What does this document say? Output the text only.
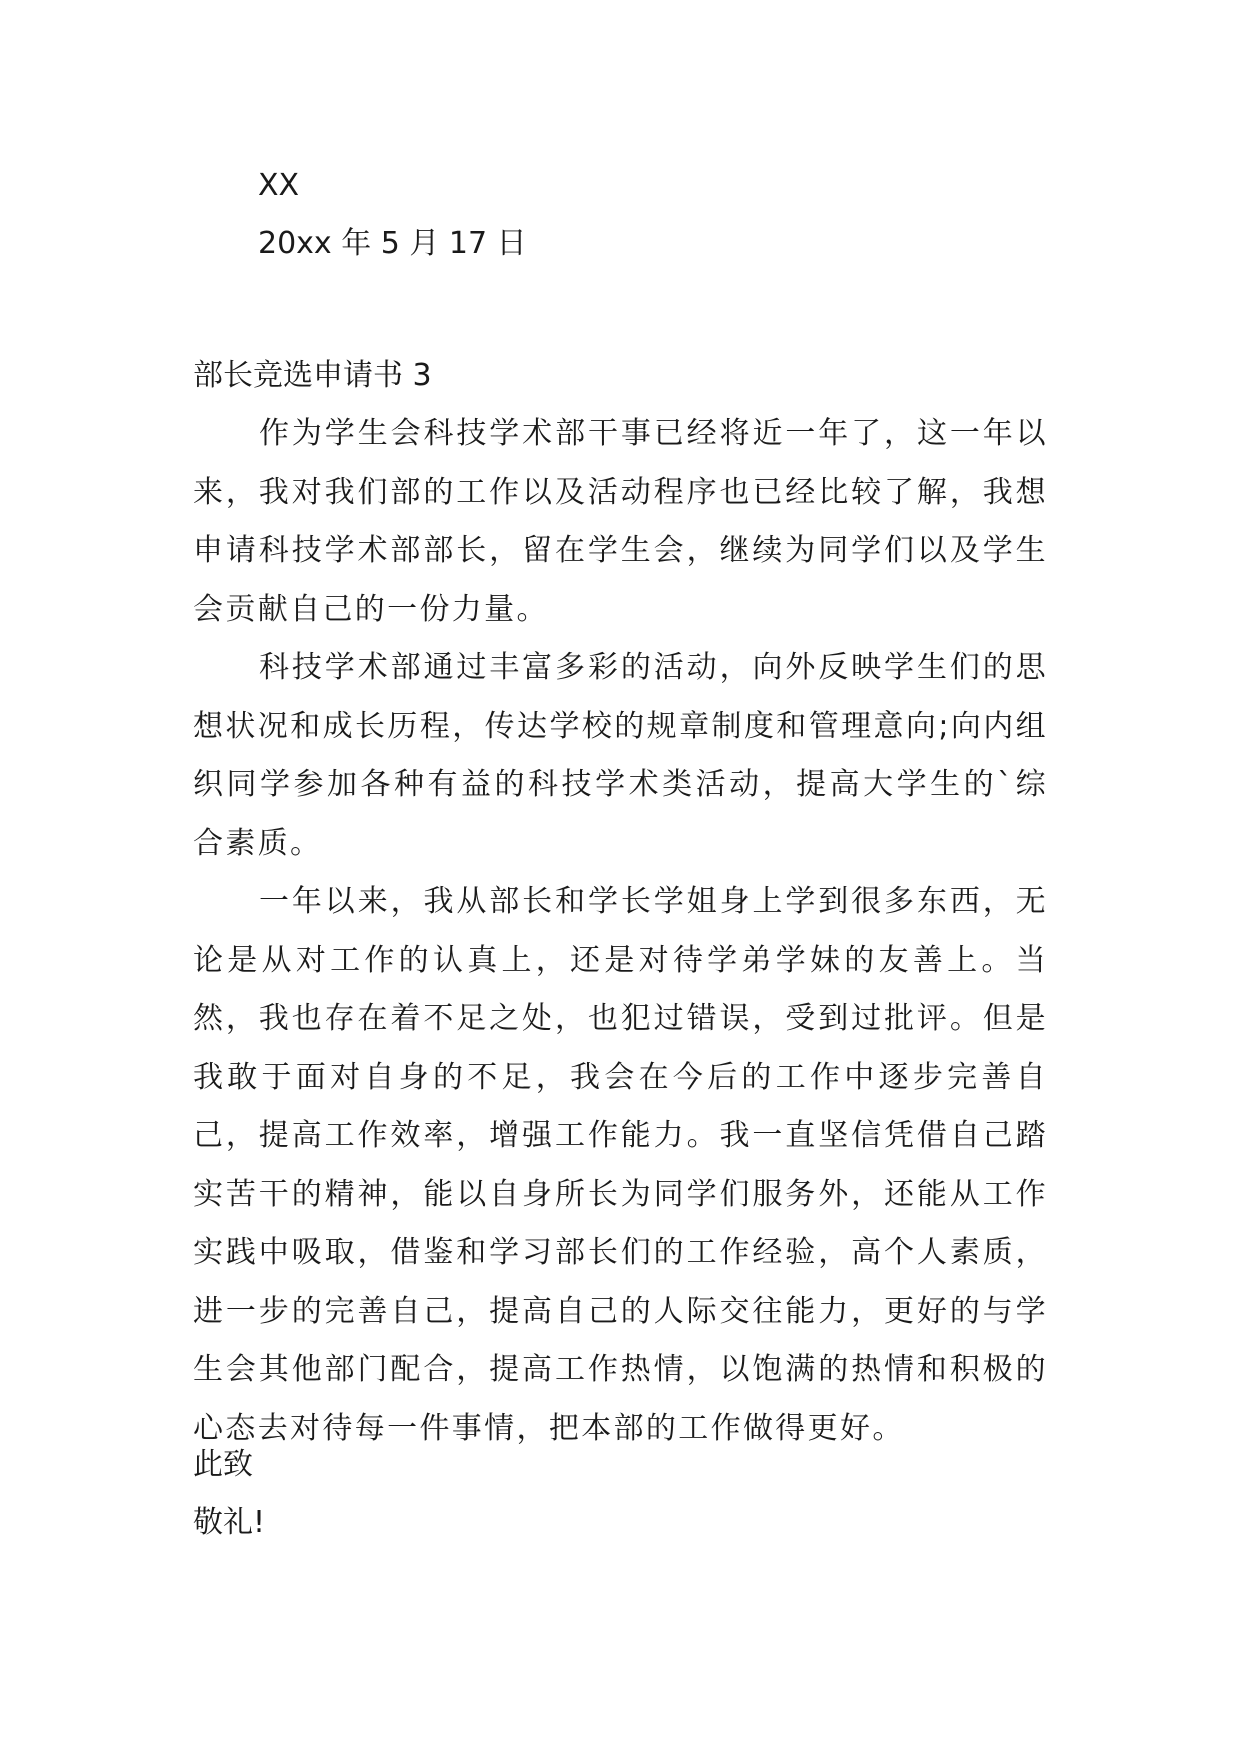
XX
20xx 年 5 月 17 日
部长竞选申请书 3

作为学生会科技学术部干事已经将近一年了，这一年以来，我对我们部的工作以及活动程序也已经比较了解，我想申请科技学术部部长，留在学生会，继续为同学们以及学生会贡献自己的一份力量。

科技学术部通过丰富多彩的活动，向外反映学生们的思想状况和成长历程，传达学校的规章制度和管理意向;向内组织同学参加各种有益的科技学术类活动，提高大学生的`综合素质。

一年以来，我从部长和学长学姐身上学到很多东西，无论是从对工作的认真上，还是对待学弟学妹的友善上。当然，我也存在着不足之处，也犯过错误，受到过批评。但是我敢于面对自身的不足，我会在今后的工作中逐步完善自己，提高工作效率，增强工作能力。我一直坚信凭借自己踏实苦干的精神，能以自身所长为同学们服务外，还能从工作实践中吸取，借鉴和学习部长们的工作经验，高个人素质，进一步的完善自己，提高自己的人际交往能力，更好的与学生会其他部门配合，提高工作热情，以饱满的热情和积极的心态去对待每一件事情，把本部的工作做得更好。

此致
敬礼!
